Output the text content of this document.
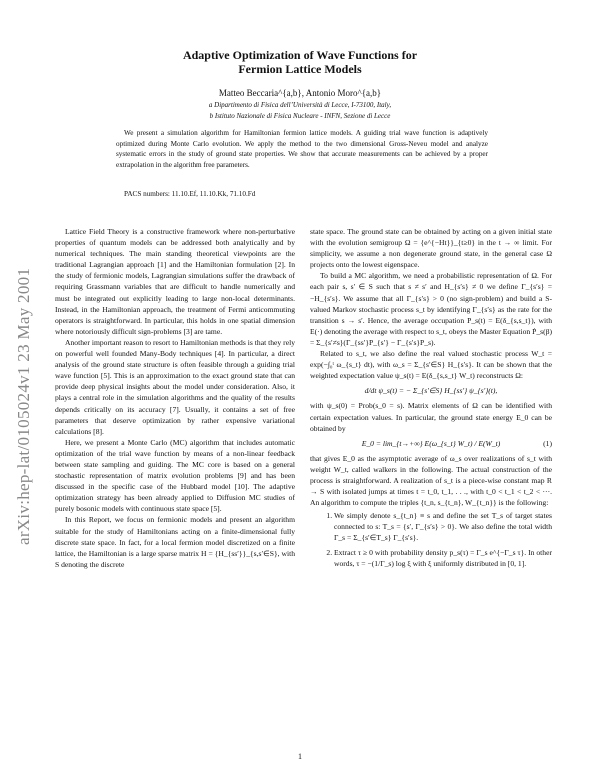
arXiv:hep-lat/0105024v1 23 May 2001
Adaptive Optimization of Wave Functions for
Fermion Lattice Models
Matteo Beccaria^{a,b}, Antonio Moro^{a,b}
a Dipartimento di Fisica dell’Università di Lecce, I-73100, Italy,
b Istituto Nazionale di Fisica Nucleare - INFN, Sezione di Lecce
We present a simulation algorithm for Hamiltonian fermion lattice models. A guiding trial wave function is adaptively optimized during Monte Carlo evolution. We apply the method to the two dimensional Gross-Neveu model and analyze systematic errors in the study of ground state properties. We show that accurate measurements can be achieved by a proper extrapolation in the algorithm free parameters.
PACS numbers: 11.10.Ef, 11.10.Kk, 71.10.Fd

Lattice Field Theory is a constructive framework where non-perturbative properties of quantum models can be addressed both analytically and by numerical techniques. The main standing theoretical viewpoints are the traditional Lagrangian approach [1] and the Hamiltonian formulation [2]. In the study of fermionic models, Lagrangian simulations suffer the drawback of requiring Grassmann variables that are difficult to handle numerically and must be integrated out explicitly leading to large non-local determinants. Instead, in the Hamiltonian approach, the treatment of Fermi anticommuting operators is straightforward. In particular, this holds in one spatial dimension where notoriously difficult sign-problems [3] are tame.

Another important reason to resort to Hamiltonian methods is that they rely on powerful well founded Many-Body techniques [4]. In particular, a direct analysis of the ground state structure is often feasible through a guiding trial wave function [5]. This is an approximation to the exact ground state that can provide deep physical insights about the model under consideration. Also, it plays a central role in the simulation algorithms and the quality of the results depends critically on its accuracy [7]. Usually, it contains a set of free parameters that deserve optimization by rather expensive variational calculations [8].

Here, we present a Monte Carlo (MC) algorithm that includes automatic optimization of the trial wave function by means of a non-linear feedback between state sampling and guiding. The MC core is based on a general stochastic representation of matrix evolution problems [9] and has been discussed in the specific case of the Hubbard model [10]. The adaptive optimization strategy has been already applied to Diffusion MC studies of purely bosonic models with continuous state space [5].

In this Report, we focus on fermionic models and present an algorithm suitable for the study of Hamiltonians acting on a finite-dimensional fully discrete state space. In fact, for a local fermion model discretized on a finite lattice, the Hamiltonian is a large sparse matrix H = {H_{ss′}}_{s,s′∈S}, with S denoting the discrete

state space. The ground state can be obtained by acting on a given initial state with the evolution semigroup Ω = {e^{−Ht}}_{t≥0} in the t → ∞ limit. For simplicity, we assume a non degenerate ground state, in the general case Ω projects onto the lowest eigenspace.

To build a MC algorithm, we need a probabilistic representation of Ω. For each pair s, s′ ∈ S such that s ≠ s′ and H_{s′s} ≠ 0 we define Γ_{s′s} = −H_{s′s}. We assume that all Γ_{s′s} > 0 (no sign-problem) and build a S-valued Markov stochastic process s_t by identifying Γ_{s′s} as the rate for the transition s → s′. Hence, the average occupation P_s(t) = E(δ_{s,s_t}), with E(·) denoting the average with respect to s_t, obeys the Master Equation Ṗ_s(β) = Σ_{s′≠s}(Γ_{ss′}P_{s′} − Γ_{s′s}P_s).

Related to s_t, we also define the real valued stochastic process W_t = exp(−∫₀ᵗ ω_{s_t} dt), with ω_s = Σ_{s′∈S} H_{s′s}. It can be shown that the weighted expectation value ψ_s(t) = E(δ_{s,s_t} W_t) reconstructs Ω:

d/dt ψ_s(t) = − Σ_{s′∈S} H_{ss′} ψ_{s′}(t),

with ψ_s(0) = Prob(s_0 = s). Matrix elements of Ω can be identified with certain expectation values. In particular, the ground state energy E_0 can be obtained by

E_0 = lim_{t→+∞} E(ω_{s_t} W_t) / E(W_t)	(1)

that gives E_0 as the asymptotic average of ω_s over realizations of s_t with weight W_t, called walkers in the following. The actual construction of the process is straightforward. A realization of s_t is a piece-wise constant map R → S with isolated jumps at times t = t_0, t_1, . . ., with t_0 < t_1 < t_2 < ···. An algorithm to compute the triples {t_n, s_{t_n}, W_{t_n}} is the following:

1. We simply denote s_{t_n} ≡ s and define the set T_s of target states connected to s: T_s = {s′, Γ_{s′s} > 0}. We also define the total width Γ_s = Σ_{s′∈T_s} Γ_{s′s}.
2. Extract τ ≥ 0 with probability density p_s(τ) = Γ_s e^{−Γ_s τ}. In other words, τ = −(1/Γ_s) log ξ with ξ uniformly distributed in [0, 1].
1
